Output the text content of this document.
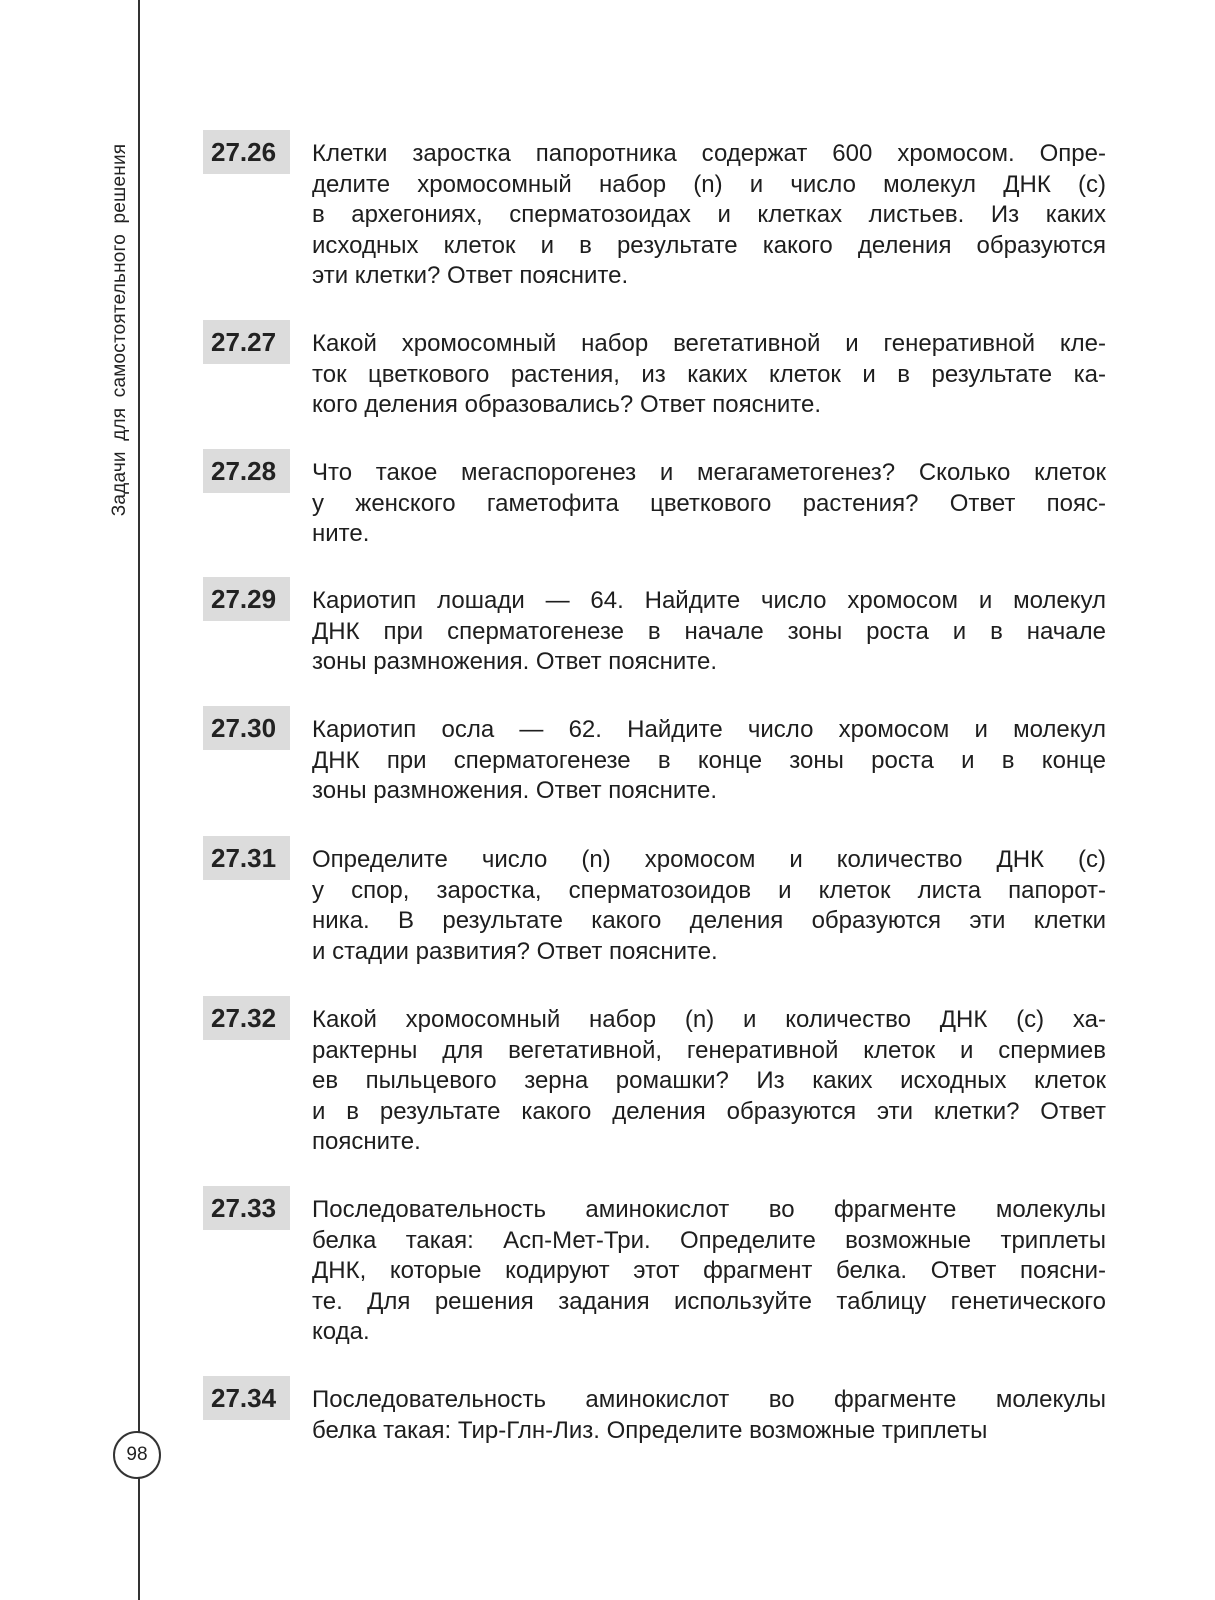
Задачи для самостоятельного решения
98
27.26	Клетки заростка папоротника содержат 600 хромосом. Опре-
делите хромосомный набор (n) и число молекул ДНК (c)
в архегониях, сперматозоидах и клетках листьев. Из каких
исходных клеток и в результате какого деления образуются
эти клетки? Ответ поясните.
27.27	Какой хромосомный набор вегетативной и генеративной кле-
ток цветкового растения, из каких клеток и в результате ка-
кого деления образовались? Ответ поясните.
27.28	Что такое мегаспорогенез и мегагаметогенез? Сколько клеток
у женского гаметофита цветкового растения? Ответ пояс-
ните.
27.29	Кариотип лошади — 64. Найдите число хромосом и молекул
ДНК при сперматогенезе в начале зоны роста и в начале
зоны размножения. Ответ поясните.
27.30	Кариотип осла — 62. Найдите число хромосом и молекул
ДНК при сперматогенезе в конце зоны роста и в конце
зоны размножения. Ответ поясните.
27.31	Определите число (n) хромосом и количество ДНК (c)
у спор, заростка, сперматозоидов и клеток листа папорот-
ника. В результате какого деления образуются эти клетки
и стадии развития? Ответ поясните.
27.32	Какой хромосомный набор (n) и количество ДНК (c) ха-
рактерны для вегетативной, генеративной клеток и спермиев
ев пыльцевого зерна ромашки? Из каких исходных клеток
и в результате какого деления образуются эти клетки? Ответ
поясните.
27.33	Последовательность аминокислот во фрагменте молекулы
белка такая: Асп-Мет-Три. Определите возможные триплеты
ДНК, которые кодируют этот фрагмент белка. Ответ поясни-
те. Для решения задания используйте таблицу генетического
кода.
27.34	Последовательность аминокислот во фрагменте молекулы
белка такая: Тир-Глн-Лиз. Определите возможные триплеты
